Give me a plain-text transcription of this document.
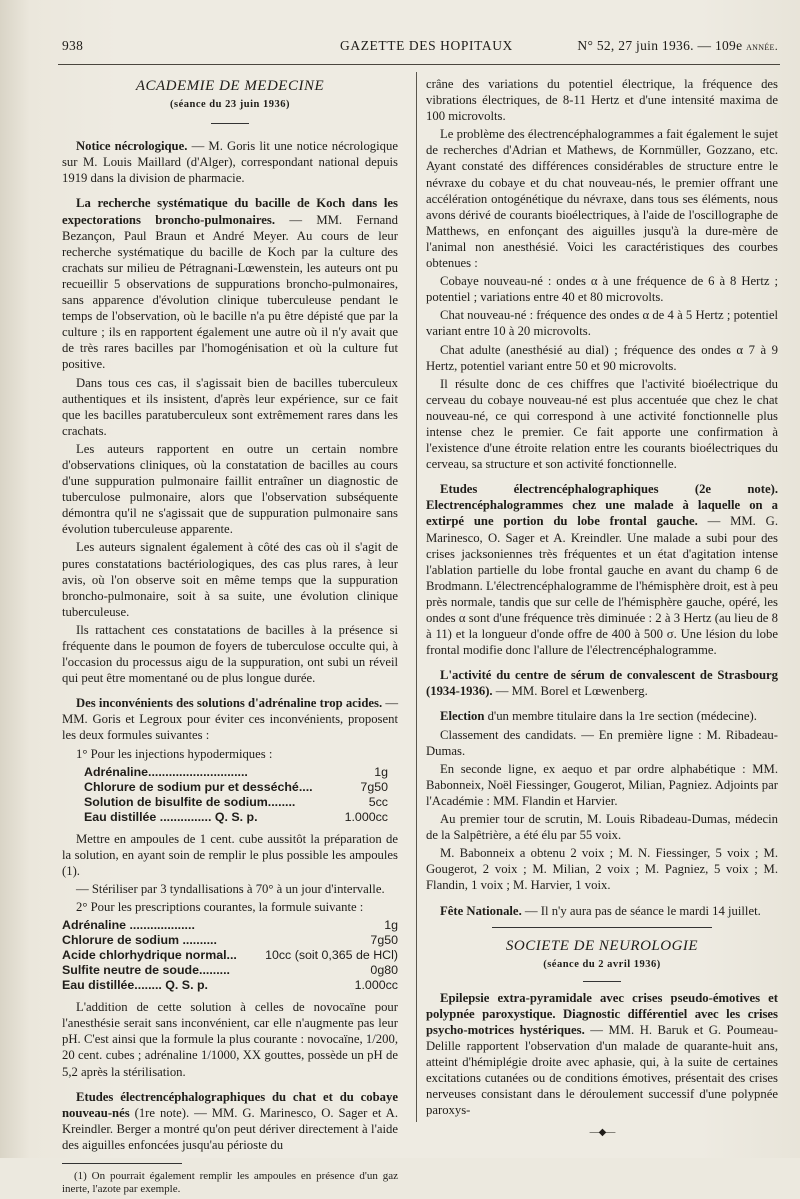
938	GAZETTE DES HOPITAUX	N° 52, 27 juin 1936. — 109e année.
ACADEMIE DE MEDECINE
(séance du 23 juin 1936)

Notice nécrologique. — M. Goris lit une notice nécrologique sur M. Louis Maillard (d'Alger), correspondant national depuis 1919 dans la division de pharmacie.

La recherche systématique du bacille de Koch dans les expectorations broncho-pulmonaires. — MM. Fernand Bezançon, Paul Braun et André Meyer. Au cours de leur recherche systématique du bacille de Koch par la culture des crachats sur milieu de Pétragnani-Lœwenstein, les auteurs ont pu recueillir 5 observations de suppurations broncho-pulmonaires, sans apparence d'évolution clinique tuberculeuse pendant le temps de l'observation, où le bacille n'a pu être dépisté que par la culture ; ils en rapportent également une autre où il n'y avait que de très rares bacilles par l'homogénisation et où la culture fut positive.

Dans tous ces cas, il s'agissait bien de bacilles tuberculeux authentiques et ils insistent, d'après leur expérience, sur ce fait que les bacilles paratuberculeux sont extrêmement rares dans les crachats.

Les auteurs rapportent en outre un certain nombre d'observations cliniques, où la constatation de bacilles au cours d'une suppuration pulmonaire faillit entraîner un diagnostic de tuberculose pulmonaire, alors que l'observation subséquente démontra qu'il ne s'agissait que de suppuration pulmonaire sans évolution tuberculeuse apparente.

Les auteurs signalent également à côté des cas où il s'agit de pures constatations bactériologiques, des cas plus rares, à leur avis, où l'on observe soit en même temps que la suppuration broncho-pulmonaire, soit à sa suite, une évolution clinique tuberculeuse.

Ils rattachent ces constatations de bacilles à la présence si fréquente dans le poumon de foyers de tuberculose occulte qui, à l'occasion du processus aigu de la suppuration, ont subi un réveil qui peut être momentané ou de plus longue durée.

Des inconvénients des solutions d'adrénaline trop acides. — MM. Goris et Legroux pour éviter ces inconvénients, proposent les deux formules suivantes :

1° Pour les injections hypodermiques :

Adrénaline.............................	1g
Chlorure de sodium pur et desséché....	7g50
Solution de bisulfite de sodium........	5cc
Eau distillée ............... Q. S. p.	1.000cc

Mettre en ampoules de 1 cent. cube aussitôt la préparation de la solution, en ayant soin de remplir le plus possible les ampoules (1).

— Stériliser par 3 tyndallisations à 70° à un jour d'intervalle.

2° Pour les prescriptions courantes, la formule suivante :

Adrénaline ...................	1g
Chlorure de sodium ..........	7g50
Acide chlorhydrique normal... 10cc (soit 0,365 de HCl)
Sulfite neutre de soude.........	0g80
Eau distillée........ Q. S. p.	1.000cc

L'addition de cette solution à celles de novocaïne pour l'anesthésie serait sans inconvénient, car elle n'augmente pas leur pH. C'est ainsi que la formule la plus courante : novocaïne, 1/200, 20 cent. cubes ; adrénaline 1/1000, XX gouttes, possède un pH de 5,2 après la stérilisation.

Etudes électrencéphalographiques du chat et du cobaye nouveau-nés (1re note). — MM. G. Marinesco, O. Sager et A. Kreindler. Berger a montré qu'on peut dériver directement à l'aide des aiguilles enfoncées jusqu'au périoste du

(1) On pourrait également remplir les ampoules en présence d'un gaz inerte, l'azote par exemple.

crâne des variations du potentiel électrique, la fréquence des vibrations électriques, de 8-11 Hertz et d'une intensité maxima de 100 microvolts.

Le problème des électrencéphalogrammes a fait également le sujet de recherches d'Adrian et Mathews, de Kornmüller, Gozzano, etc. Ayant constaté des différences considérables de structure entre le névraxe du cobaye et du chat nouveau-nés, le premier offrant une accélération ontogénétique du névraxe, dans tous ses éléments, nous avons dérivé de courants bioélectriques, à l'aide de l'oscillographe de Matthews, en enfonçant des aiguilles jusqu'à la dure-mère de l'animal non anesthésié. Voici les caractéristiques des courbes obtenues :

Cobaye nouveau-né : ondes α à une fréquence de 6 à 8 Hertz ; potentiel ; variations entre 40 et 80 microvolts.

Chat nouveau-né : fréquence des ondes α de 4 à 5 Hertz ; potentiel variant entre 10 à 20 microvolts.

Chat adulte (anesthésié au dial) ; fréquence des ondes α 7 à 9 Hertz, potentiel variant entre 50 et 90 microvolts.

Il résulte donc de ces chiffres que l'activité bioélectrique du cerveau du cobaye nouveau-né est plus accentuée que chez le chat nouveau-né, ce qui correspond à une activité fonctionnelle plus intense chez le premier. Ce fait apporte une confirmation à l'existence d'une étroite relation entre les courants bioélectriques du cerveau, sa structure et son activité fonctionnelle.

Etudes électrencéphalographiques (2e note). Electrencéphalogrammes chez une malade à laquelle on a extirpé une portion du lobe frontal gauche. — MM. G. Marinesco, O. Sager et A. Kreindler. Une malade a subi pour des crises jacksoniennes très fréquentes et un état d'agitation intense l'ablation partielle du lobe frontal gauche en avant du champ 6 de Brodmann. L'électrencéphalogramme de l'hémisphère droit, est à peu près normale, tandis que sur celle de l'hémisphère gauche, opéré, les ondes α sont d'une fréquence très diminuée : 2 à 3 Hertz (au lieu de 8 à 11) et la longueur d'onde offre de 400 à 500 σ. Une lésion du lobe frontal modifie donc l'allure de l'électrencéphalogramme.

L'activité du centre de sérum de convalescent de Strasbourg (1934-1936). — MM. Borel et Lœwenberg.

Election d'un membre titulaire dans la 1re section (médecine).

Classement des candidats. — En première ligne : M. Ribadeau-Dumas.

En seconde ligne, ex aequo et par ordre alphabétique : MM. Babonneix, Noël Fiessinger, Gougerot, Milian, Pagniez. Adjoints par l'Académie : MM. Flandin et Harvier.

Au premier tour de scrutin, M. Louis Ribadeau-Dumas, médecin de la Salpêtrière, a été élu par 55 voix.

M. Babonneix a obtenu 2 voix ; M. N. Fiessinger, 5 voix ; M. Gougerot, 2 voix ; M. Milian, 2 voix ; M. Pagniez, 5 voix ; M. Flandin, 1 voix ; M. Harvier, 1 voix.

Fête Nationale. — Il n'y aura pas de séance le mardi 14 juillet.

SOCIETE DE NEUROLOGIE
(séance du 2 avril 1936)

Epilepsie extra-pyramidale avec crises pseudo-émotives et polypnée paroxystique. Diagnostic différentiel avec les crises psycho-motrices hystériques. — MM. H. Baruk et G. Poumeau-Delille rapportent l'observation d'un malade de quarante-huit ans, atteint d'hémiplégie droite avec aphasie, qui, à la suite de certaines excitations cutanées ou de conditions émotives, présentait des crises nerveuses consistant dans le déroulement successif d'une polypnée paroxys-

—◆—
